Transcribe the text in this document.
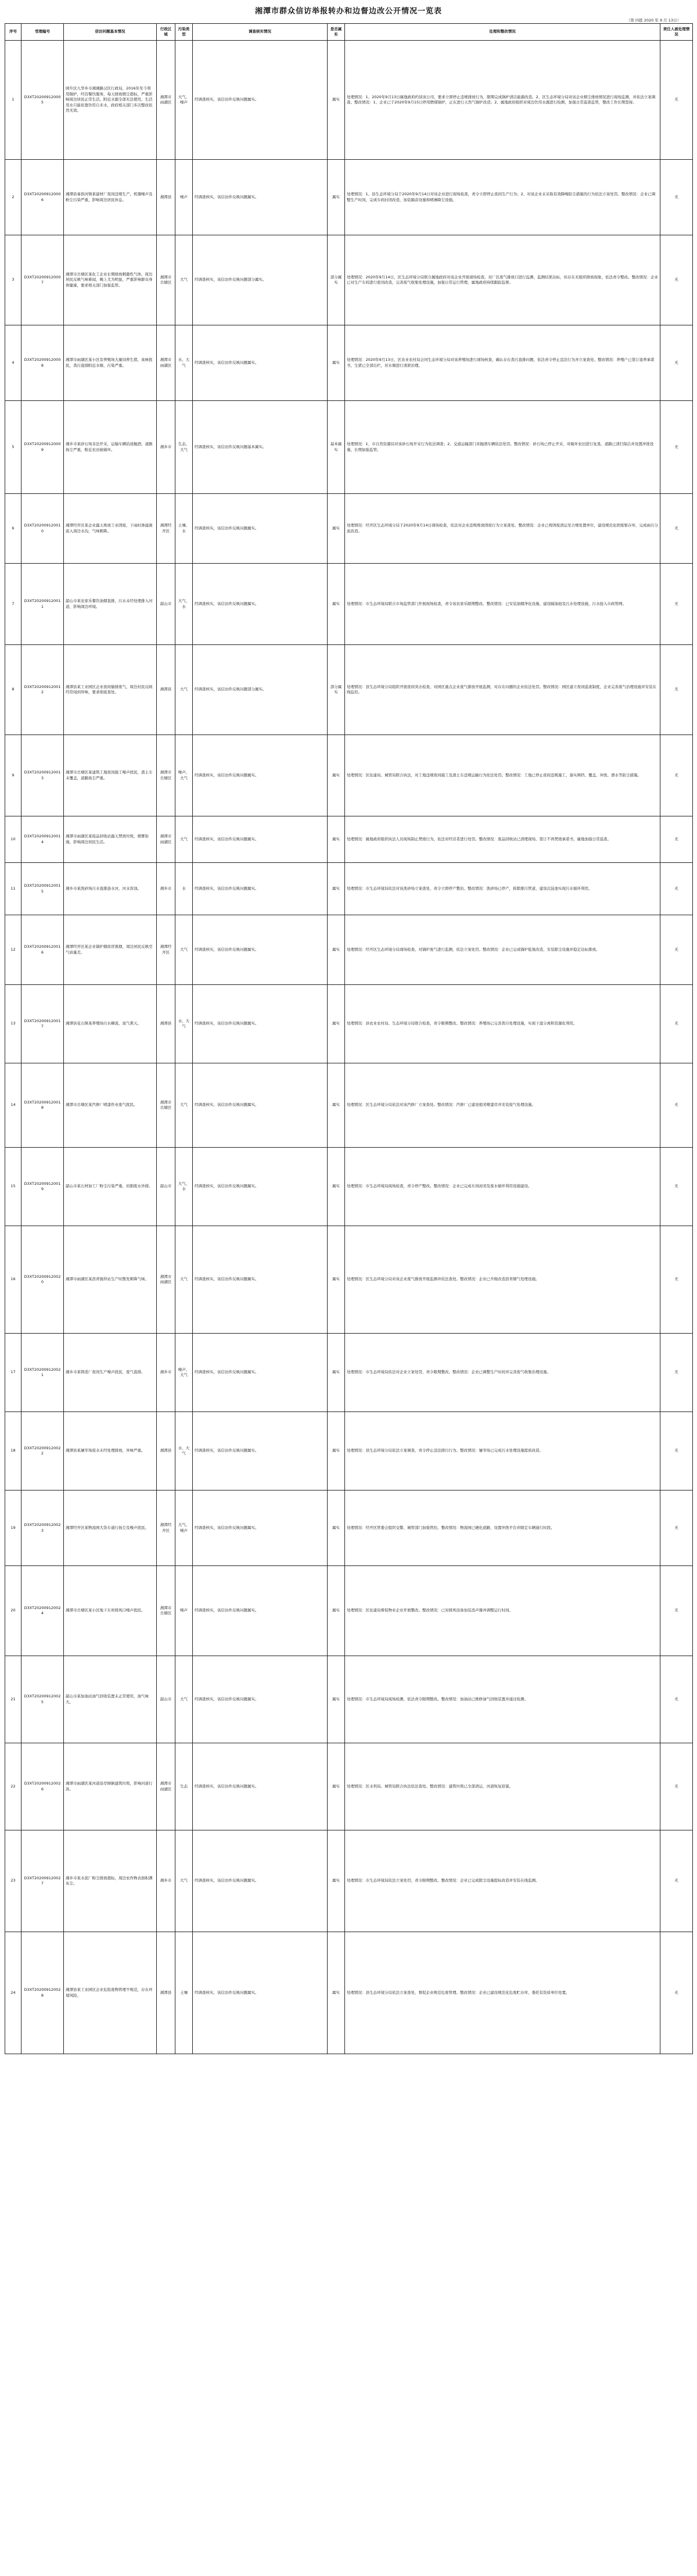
湘潭市群众信访举报转办和边督边改公开情况一览表
（第 四批 2020 年 9 月 13日）
序号	受理编号	信访问题基本情况	行政区域	污染类型	调查核实情况	是否属实	处理和整改情况	责任人被处理情况
1	D3XT202009120005	园升区九华乡市湘湘路汉区行政局，2016年至今利用锅炉，经营餐饮服务，每天排放烟尘超标，严重影响周边居民正常生活。附近水源全部无法使用，生活用水只能依靠饮用自来水，政府相关部门多次整改依然无效。	湘潭市雨湖区	大气、噪声	经调查核实，该信访件反映问题属实。	属实	处理情况：1、2020年9月13日属地政府约谈该公司，要求立即停止违规排放行为，限期完成锅炉清洁能源改造。2、区生态环境分局对该企业烟尘排放情况进行现场监测，并依法立案调查。整改情况：1、企业已于2020年9月15日停用燃煤锅炉，正在进行天然气锅炉改造；2、属地政府组织对周边饮用水源进行检测，加强日常巡查监管，整改工作长期坚持。	无
2	D3XT202009120006	湘潭县易俗河镇某建材厂夜间违规生产，机器噪声及粉尘污染严重，影响周边居民休息。	湘潭县	噪声	经调查核实，该信访件反映问题属实。	属实	处理情况：1、县生态环境分局于2020年9月14日对该企业进行现场检查，责令立即停止夜间生产行为；2、对该企业未采取有效降噪防尘措施的行为依法立案处罚。整改情况：企业已调整生产时间，完成车间封闭改造，加装隔音设施和喷淋降尘设施。	无
3	D3XT202009120007	湘潭市岳塘区某化工企业长期排放刺激性气体，周边居民反映气味难闻，晚上尤为明显，严重影响群众身体健康，要求相关部门加强监管。	湘潭市岳塘区	大气	经调查核实，该信访件反映问题部分属实。	部分属实	处理情况：2020年9月14日，区生态环境分局联合属地政府对该企业开展现场检查，对厂区废气排放口进行监测，监测结果达标，但存在无组织排放现象，依法责令整改。整改情况：企业已对生产车间进行密闭改造，完善废气收集处理设施，加强日常运行管理，属地政府持续跟踪监督。	无
4	D3XT202009120008	湘潭市雨湖区某小区旁养殖场大量饲养生猪，臭味扰民，粪污直排附近水塘，污染严重。	湘潭市雨湖区	水、大气	经调查核实，该信访件反映问题属实。	属实	处理情况：2020年9月13日，区农业农村局会同生态环境分局对该养殖场进行现场核查，确认存在粪污直排问题，依法责令停止违法行为并立案查处。整改情况：养殖户已签订退养承诺书，生猪已全部出栏，对水塘进行清淤治理。	无
5	D3XT202009120009	湘乡市某砂石场非法开采，运输车辆沿途抛洒，道路扬尘严重，附近农田被破坏。	湘乡市	生态、大气	经调查核实，该信访件反映问题基本属实。	基本属实	处理情况：1、市自然资源局对该砂石场开采行为依法调查；2、交通运输部门对抛洒车辆依法处罚。整改情况：砂石场已停止开采，对破坏农田进行复垦，道路已清扫保洁并设置冲洗设施，长期加强监管。	无
6	D3XT202009120010	湘潭经开区某企业露天堆放工业固废，下雨时渗滤液流入周边水沟，气味刺鼻。	湘潭经开区	土壤、水	经调查核实，该信访件反映问题属实。	属实	处理情况：经开区生态环境分局于2020年9月14日现场检查，依法对企业违规堆放固废行为立案查处。整改情况：企业已将固废清运至合规处置单位，建设规范化固废暂存库，完成雨污分流改造。	无
7	D3XT202009120011	韶山市某农家乐餐饮油烟直排，污水未经处理排入河道，影响周边环境。	韶山市	大气、水	经调查核实，该信访件反映问题属实。	属实	处理情况：市生态环境局联合市场监管部门开展现场检查，责令该农家乐限期整改。整改情况：已安装油烟净化设施，建设隔油池及污水处理设施，污水接入市政管网。	无
8	D3XT202009120012	湘潭县某工业园区企业夜间偷排废气，周边村民反映经常闻到异味，要求彻底查处。	湘潭县	大气	经调查核实，该信访件反映问题部分属实。	部分属实	处理情况：县生态环境分局组织开展夜间突击检查，对园区重点企业废气排放开展监测，对存在问题的企业依法处罚。整改情况：园区建立夜间巡查制度，企业完善废气治理设施并安装在线监控。	无
9	D3XT202009120013	湘潭市岳塘区某建筑工地夜间施工噪声扰民，渣土车未覆盖，道路扬尘严重。	湘潭市岳塘区	噪声、大气	经调查核实，该信访件反映问题属实。	属实	处理情况：区住建局、城管局联合执法，对工地违规夜间施工及渣土车违规运输行为依法处罚。整改情况：工地已停止夜间违规施工，落实围挡、覆盖、冲洗、洒水等防尘措施。	无
10	D3XT202009120014	湘潭市雨湖区某废品回收站露天焚烧垃圾，烟雾弥漫，影响周边居民生活。	湘潭市雨湖区	大气	经调查核实，该信访件反映问题属实。	属实	处理情况：属地政府组织执法人员现场制止焚烧行为，依法对经营者进行处罚。整改情况：废品回收站已清理现场，签订不再焚烧承诺书，属地加强日常巡查。	无
11	D3XT202009120015	湘乡市某洗砂场污水直排涟水河，河水浑浊。	湘乡市	水	经调查核实，该信访件反映问题属实。	属实	处理情况：市生态环境局依法对该洗砂场立案查处，责令立即停产整治。整改情况：洗砂场已停产，拆除排污管道，建设沉淀池实现污水循环利用。	无
12	D3XT202009120016	湘潭经开区某企业锅炉烟囱冒黑烟，周边居民反映空气质量差。	湘潭经开区	大气	经调查核实，该信访件反映问题属实。	属实	处理情况：经开区生态环境分局现场检查，对锅炉废气进行监测，依法立案处罚。整改情况：企业已完成锅炉低氮改造，安装除尘设施并稳定达标排放。	无
13	D3XT202009120017	湘潭县花石镇某养殖场污水横流，臭气熏天。	湘潭县	水、大气	经调查核实，该信访件反映问题属实。	属实	处理情况：县农业农村局、生态环境分局联合检查，责令限期整改。整改情况：养殖场已完善粪污处理设施，实现干湿分离和资源化利用。	无
14	D3XT202009120018	湘潭市岳塘区某汽修厂喷漆作业废气扰民。	湘潭市岳塘区	大气	经调查核实，该信访件反映问题属实。	属实	处理情况：区生态环境分局依法对该汽修厂立案查处。整改情况：汽修厂已建设密闭喷漆房并安装废气处理设施。	无
15	D3XT202009120019	韶山市某石材加工厂粉尘污染严重，切割废水外排。	韶山市	大气、水	经调查核实，该信访件反映问题属实。	属实	处理情况：市生态环境局现场检查，责令停产整改。整改情况：企业已完成车间封闭及废水循环利用设施建设。	无
16	D3XT202009120020	湘潭市雨湖区某沥青搅拌站生产时散发刺鼻气味。	湘潭市雨湖区	大气	经调查核实，该信访件反映问题属实。	属实	处理情况：区生态环境分局对该企业废气排放开展监测并依法查处。整改情况：企业已升级改造沥青烟气处理设施。	无
17	D3XT202009120021	湘乡市某铸造厂夜间生产噪声扰民，废气直排。	湘乡市	噪声、大气	经调查核实，该信访件反映问题属实。	属实	处理情况：市生态环境局依法对企业立案处罚，责令限期整改。整改情况：企业已调整生产时间并完善废气收集治理设施。	无
18	D3XT202009120022	湘潭县某屠宰场废水未经处理排放，异味严重。	湘潭县	水、大气	经调查核实，该信访件反映问题属实。	属实	处理情况：县生态环境分局依法立案调查，责令停止违法排污行为。整改情况：屠宰场已完成污水处理设施提质改造。	无
19	D3XT202009120023	湘潭经开区某物流园大货车通行扬尘及噪声扰民。	湘潭经开区	大气、噪声	经调查核实，该信访件反映问题属实。	属实	处理情况：经开区管委会组织交警、城管部门加强管控。整改情况：物流园已硬化道路，设置冲洗平台并限定车辆通行时段。	无
20	D3XT202009120024	湘潭市岳塘区某小区地下车库排风口噪声扰民。	湘潭市岳塘区	噪声	经调查核实，该信访件反映问题属实。	属实	处理情况：区住建局督促物业企业开展整改。整改情况：已对排风设备加装消声器并调整运行时间。	无
21	D3XT202009120025	韶山市某加油站油气回收装置未正常使用，油气味大。	韶山市	大气	经调查核实，该信访件反映问题属实。	属实	处理情况：市生态环境局现场检测，依法责令限期整改。整改情况：加油站已维修油气回收装置并通过检测。	无
22	D3XT202009120026	湘潭市雨湖区某河道沿岸倾倒建筑垃圾，影响河道行洪。	湘潭市雨湖区	生态	经调查核实，该信访件反映问题属实。	属实	处理情况：区水利局、城管局联合执法依法查处。整改情况：建筑垃圾已全部清运，河道恢复原貌。	无
23	D3XT202009120027	湘乡市某水泥厂粉尘排放超标，周边农作物表面积满灰尘。	湘乡市	大气	经调查核实，该信访件反映问题属实。	属实	处理情况：市生态环境局依法立案处罚，责令限期整改。整改情况：企业已完成除尘设施提标改造并安装在线监测。	无
24	D3XT202009120028	湘潭县某工业园区企业危险废物管理不规范，存在环境风险。	湘潭县	土壤	经调查核实，该信访件反映问题属实。	属实	处理情况：县生态环境分局依法立案查处，督促企业规范危废管理。整改情况：企业已建设规范化危废贮存库，委托有资质单位处置。	无
